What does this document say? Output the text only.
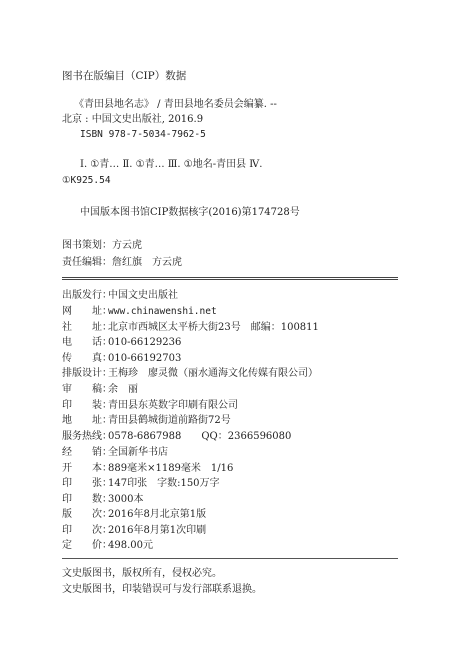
图书在版编目（CIP）数据
《青田县地名志》 / 青田县地名委员会编纂. --
北京 : 中国文史出版社, 2016.9
ISBN 978-7-5034-7962-5
Ⅰ. ①青… Ⅱ. ①青… Ⅲ. ①地名-青田县 Ⅳ.
①K925.54
中国版本图书馆CIP数据核字(2016)第174728号
图书策划：方云虎
责任编辑：詹红旗　方云虎
出版发行：中国文史出版社
网　　址：www.chinawenshi.net
社　　址：北京市西城区太平桥大街23号　邮编：100811
电　　话：010-66129236
传　　真：010-66192703
排版设计：王梅珍　廖灵微（丽水通海文化传媒有限公司）
审　　稿：余　丽
印　　装：青田县东英数字印刷有限公司
地　　址：青田县鹤城街道前路街72号
服务热线：0578-6867988　　QQ：2366596080
经　　销：全国新华书店
开　　本：889毫米×1189毫米　1/16
印　　张：147印张　字数:150万字
印　　数：3000本
版　　次：2016年8月北京第1版
印　　次：2016年8月第1次印刷
定　　价：498.00元
文史版图书，版权所有，侵权必究。
文史版图书，印装错误可与发行部联系退换。
